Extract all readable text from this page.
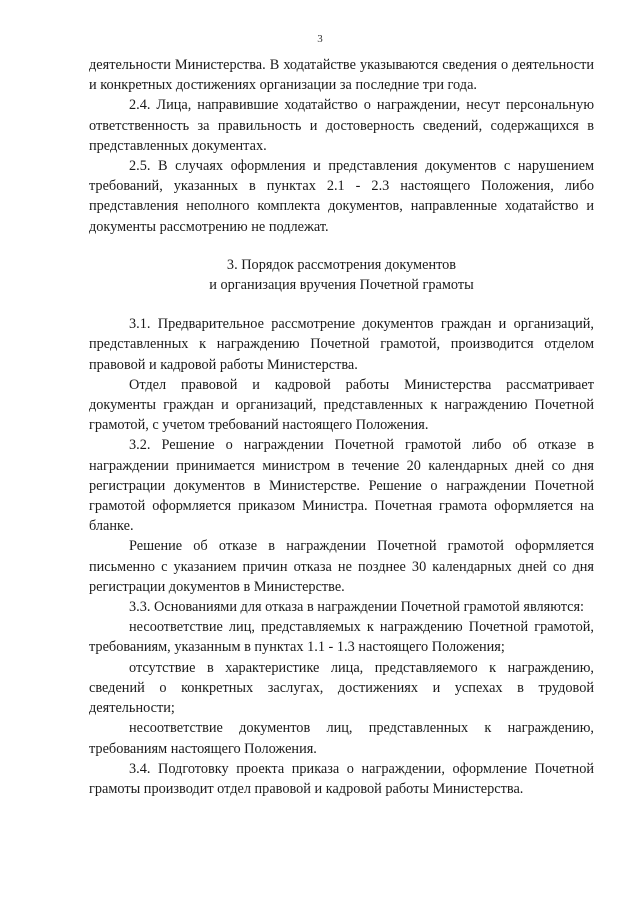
3

деятельности Министерства. В ходатайстве указываются сведения о деятельности и конкретных достижениях организации за последние три года.

2.4. Лица, направившие ходатайство о награждении, несут персональную ответственность за правильность и достоверность сведений, содержащихся в представленных документах.

2.5. В случаях оформления и представления документов с нарушением требований, указанных в пунктах 2.1 - 2.3 настоящего Положения, либо представления неполного комплекта документов, направленные ходатайство и документы рассмотрению не подлежат.

3. Порядок рассмотрения документов

и организация вручения Почетной грамоты

3.1. Предварительное рассмотрение документов граждан и организаций, представленных к награждению Почетной грамотой, производится отделом правовой и кадровой работы Министерства.

Отдел правовой и кадровой работы Министерства рассматривает документы граждан и организаций, представленных к награждению Почетной грамотой, с учетом требований настоящего Положения.

3.2. Решение о награждении Почетной грамотой либо об отказе в награждении принимается министром в течение 20 календарных дней со дня регистрации документов в Министерстве. Решение о награждении Почетной грамотой оформляется приказом Министра. Почетная грамота оформляется на бланке.

Решение об отказе в награждении Почетной грамотой оформляется письменно с указанием причин отказа не позднее 30 календарных дней со дня регистрации документов в Министерстве.

3.3. Основаниями для отказа в награждении Почетной грамотой являются:

несоответствие лиц, представляемых к награждению Почетной грамотой, требованиям, указанным в пунктах 1.1 - 1.3 настоящего Положения;

отсутствие в характеристике лица, представляемого к награждению, сведений о конкретных заслугах, достижениях и успехах в трудовой деятельности;

несоответствие документов лиц, представленных к награждению, требованиям настоящего Положения.

3.4. Подготовку проекта приказа о награждении, оформление Почетной грамоты производит отдел правовой и кадровой работы Министерства.
